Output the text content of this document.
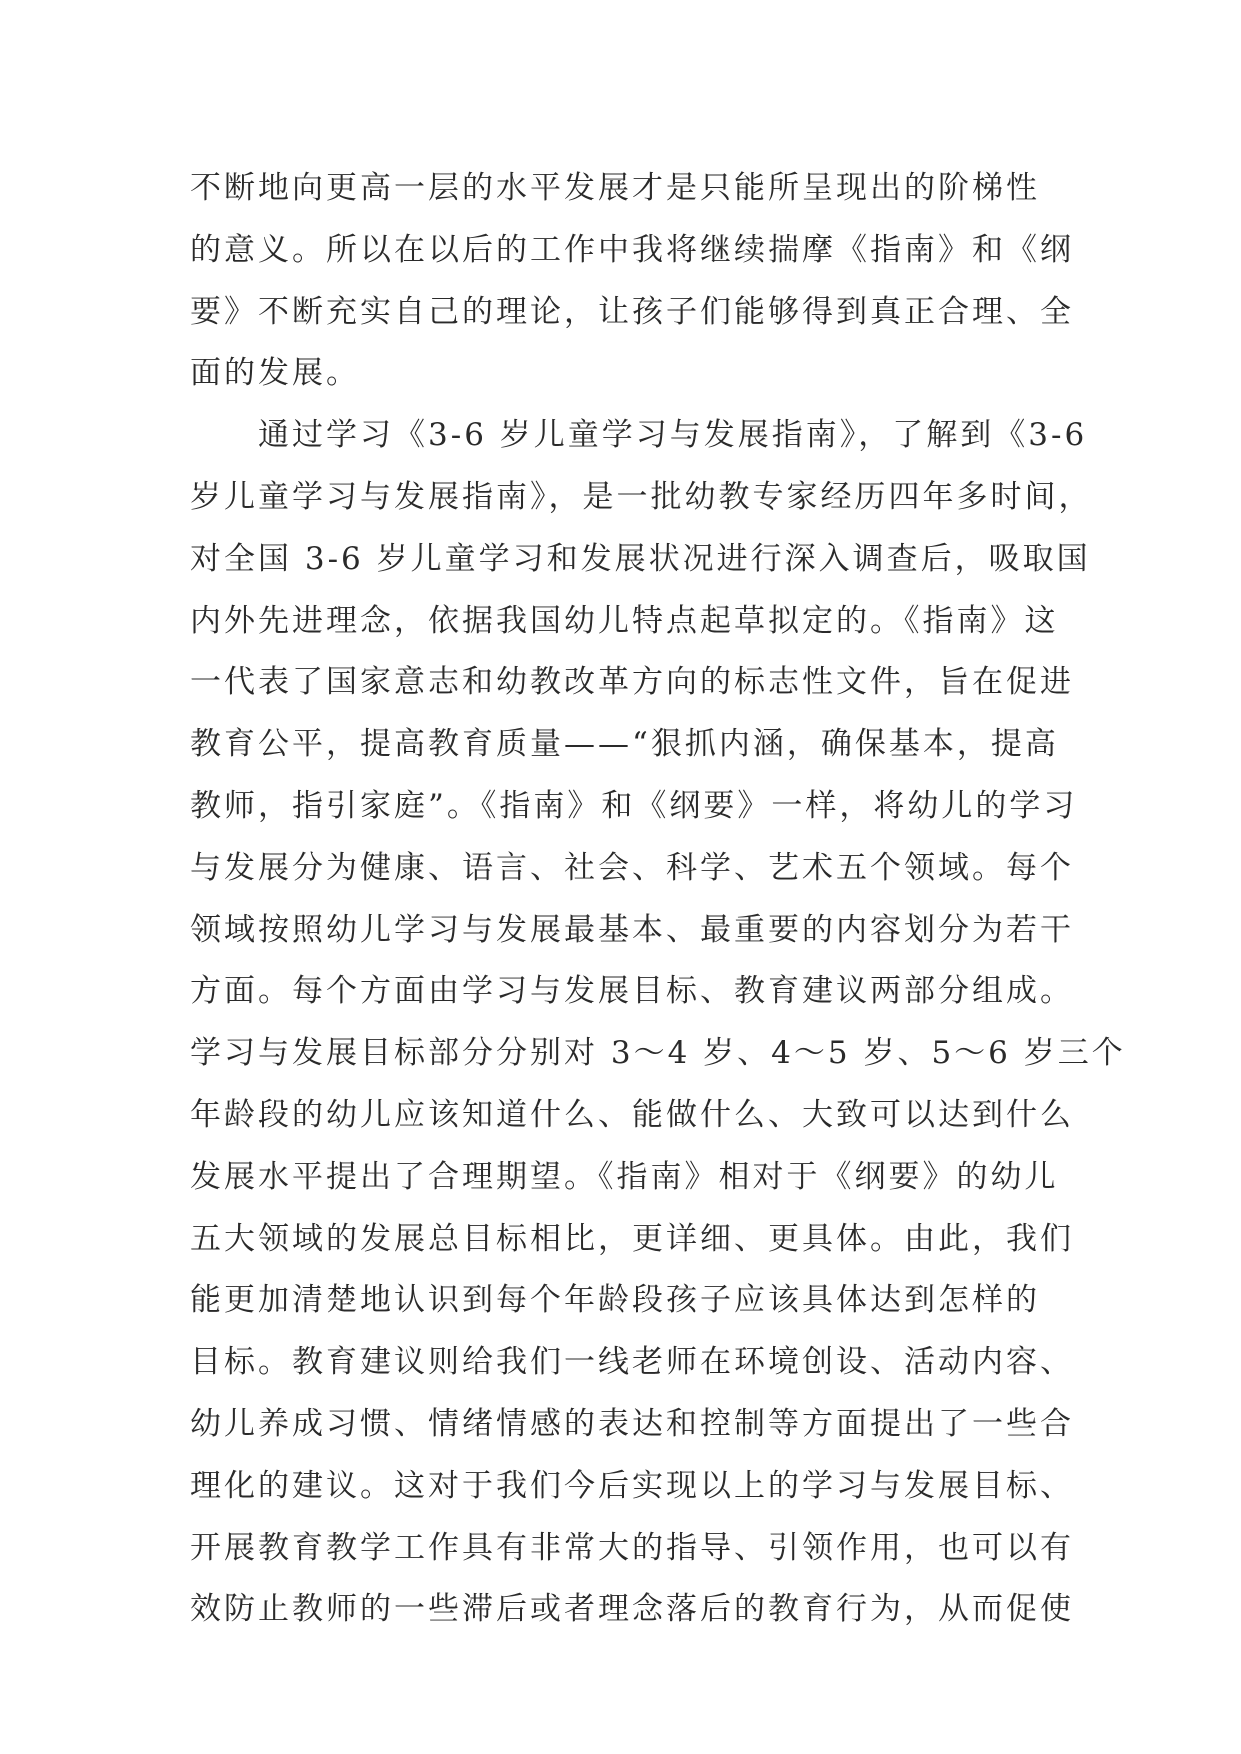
不断地向更高一层的水平发展才是只能所呈现出的阶梯性
的意义。所以在以后的工作中我将继续揣摩《指南》和《纲
要》不断充实自己的理论，让孩子们能够得到真正合理、全
面的发展。
　　通过学习《3-6 岁儿童学习与发展指南》，了解到《3-6
岁儿童学习与发展指南》，是一批幼教专家经历四年多时间，
对全国 3-6 岁儿童学习和发展状况进行深入调查后，吸取国
内外先进理念，依据我国幼儿特点起草拟定的。《指南》这
一代表了国家意志和幼教改革方向的标志性文件，旨在促进
教育公平，提高教育质量——“狠抓内涵，确保基本，提高
教师，指引家庭”。《指南》和《纲要》一样，将幼儿的学习
与发展分为健康、语言、社会、科学、艺术五个领域。每个
领域按照幼儿学习与发展最基本、最重要的内容划分为若干
方面。每个方面由学习与发展目标、教育建议两部分组成。
学习与发展目标部分分别对 3～4 岁、4～5 岁、5～6 岁三个
年龄段的幼儿应该知道什么、能做什么、大致可以达到什么
发展水平提出了合理期望。《指南》相对于《纲要》的幼儿
五大领域的发展总目标相比，更详细、更具体。由此，我们
能更加清楚地认识到每个年龄段孩子应该具体达到怎样的
目标。教育建议则给我们一线老师在环境创设、活动内容、
幼儿养成习惯、情绪情感的表达和控制等方面提出了一些合
理化的建议。这对于我们今后实现以上的学习与发展目标、
开展教育教学工作具有非常大的指导、引领作用，也可以有
效防止教师的一些滞后或者理念落后的教育行为，从而促使
